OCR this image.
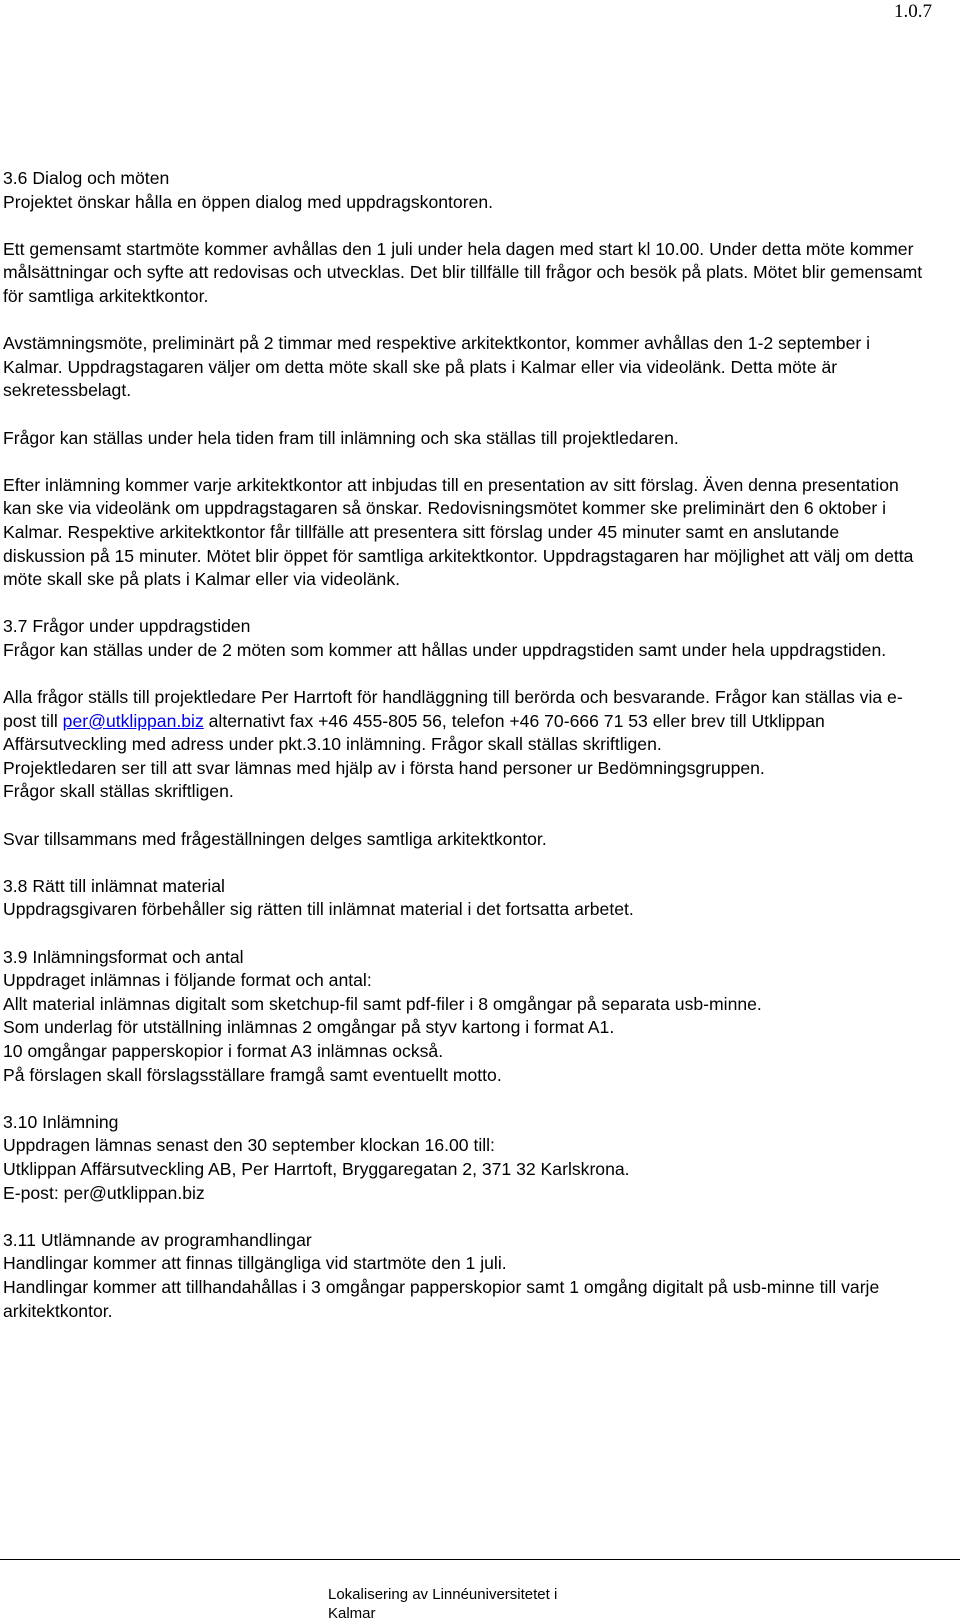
1.0.7

3.6 Dialog och möten
Projektet önskar hålla en öppen dialog med uppdragskontoren.

Ett gemensamt startmöte kommer avhållas den 1 juli under hela dagen med start kl 10.00. Under detta möte kommer målsättningar och syfte att redovisas och utvecklas. Det blir tillfälle till frågor och besök på plats. Mötet blir gemensamt för samtliga arkitektkontor.

Avstämningsmöte, preliminärt på 2 timmar med respektive arkitektkontor, kommer avhållas den 1-2 september i Kalmar. Uppdragstagaren väljer om detta möte skall ske på plats i Kalmar eller via videolänk. Detta möte är sekretessbelagt.

Frågor kan ställas under hela tiden fram till inlämning och ska ställas till projektledaren.

Efter inlämning kommer varje arkitektkontor att inbjudas till en presentation av sitt förslag. Även denna presentation kan ske via videolänk om uppdragstagaren så önskar. Redovisningsmötet kommer ske preliminärt den 6 oktober i Kalmar. Respektive arkitektkontor får tillfälle att presentera sitt förslag under 45 minuter samt en anslutande diskussion på 15 minuter. Mötet blir öppet för samtliga arkitektkontor. Uppdragstagaren har möjlighet att välj om detta möte skall ske på plats i Kalmar eller via videolänk.

3.7 Frågor under uppdragstiden
Frågor kan ställas under de 2 möten som kommer att hållas under uppdragstiden samt under hela uppdragstiden.

Alla frågor ställs till projektledare Per Harrtoft för handläggning till berörda och besvarande. Frågor kan ställas via e-post till per@utklippan.biz alternativt fax +46 455-805 56, telefon +46 70-666 71 53 eller brev till Utklippan Affärsutveckling med adress under pkt.3.10 inlämning. Frågor skall ställas skriftligen.
Projektledaren ser till att svar lämnas med hjälp av i första hand personer ur Bedömningsgruppen.
Frågor skall ställas skriftligen.

Svar tillsammans med frågeställningen delges samtliga arkitektkontor.

3.8 Rätt till inlämnat material
Uppdragsgivaren förbehåller sig rätten till inlämnat material i det fortsatta arbetet.

3.9 Inlämningsformat och antal
Uppdraget inlämnas i följande format och antal:
Allt material inlämnas digitalt som sketchup-fil samt pdf-filer i 8 omgångar på separata usb-minne.
Som underlag för utställning inlämnas 2 omgångar på styv kartong i format A1.
10 omgångar papperskopior i format A3 inlämnas också.
På förslagen skall förslagsställare framgå samt eventuellt motto.

3.10 Inlämning
Uppdragen lämnas senast den 30 september klockan 16.00 till:
Utklippan Affärsutveckling AB, Per Harrtoft, Bryggaregatan 2, 371 32 Karlskrona.
E-post: per@utklippan.biz

3.11 Utlämnande av programhandlingar
Handlingar kommer att finnas tillgängliga vid startmöte den 1 juli.
Handlingar kommer att tillhandahållas i 3 omgångar papperskopior samt 1 omgång digitalt på usb-minne till varje arkitektkontor.

Lokalisering av Linnéuniversitetet i Kalmar
